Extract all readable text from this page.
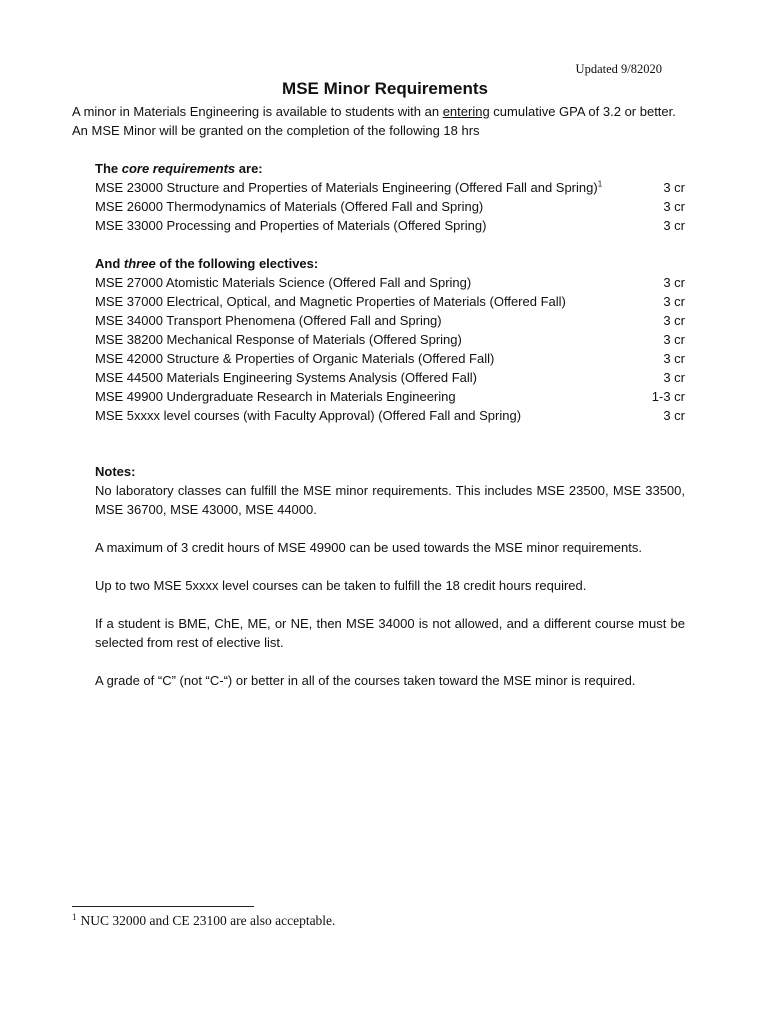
Updated 9/82020
MSE Minor Requirements
A minor in Materials Engineering is available to students with an entering cumulative GPA of 3.2 or better. An MSE Minor will be granted on the completion of the following 18 hrs
The core requirements are:
MSE 23000 Structure and Properties of Materials Engineering (Offered Fall and Spring)$^1$	3 cr
MSE 26000 Thermodynamics of Materials (Offered Fall and Spring)	3 cr
MSE 33000 Processing and Properties of Materials (Offered Spring)	3 cr
And three of the following electives:
MSE 27000 Atomistic Materials Science (Offered Fall and Spring)	3 cr
MSE 37000 Electrical, Optical, and Magnetic Properties of Materials (Offered Fall)	3 cr
MSE 34000 Transport Phenomena (Offered Fall and Spring)	3 cr
MSE 38200 Mechanical Response of Materials (Offered Spring)	3 cr
MSE 42000 Structure & Properties of Organic Materials (Offered Fall)	3 cr
MSE 44500 Materials Engineering Systems Analysis (Offered Fall)	3 cr
MSE 49900 Undergraduate Research in Materials Engineering	1-3 cr
MSE 5xxxx level courses (with Faculty Approval) (Offered Fall and Spring)	3 cr
Notes:
No laboratory classes can fulfill the MSE minor requirements. This includes MSE 23500, MSE 33500, MSE 36700, MSE 43000, MSE 44000.
A maximum of 3 credit hours of MSE 49900 can be used towards the MSE minor requirements.
Up to two MSE 5xxxx level courses can be taken to fulfill the 18 credit hours required.
If a student is BME, ChE, ME, or NE, then MSE 34000 is not allowed, and a different course must be selected from rest of elective list.
A grade of “C” (not “C-“) or better in all of the courses taken toward the MSE minor is required.
$^1$ NUC 32000 and CE 23100 are also acceptable.
